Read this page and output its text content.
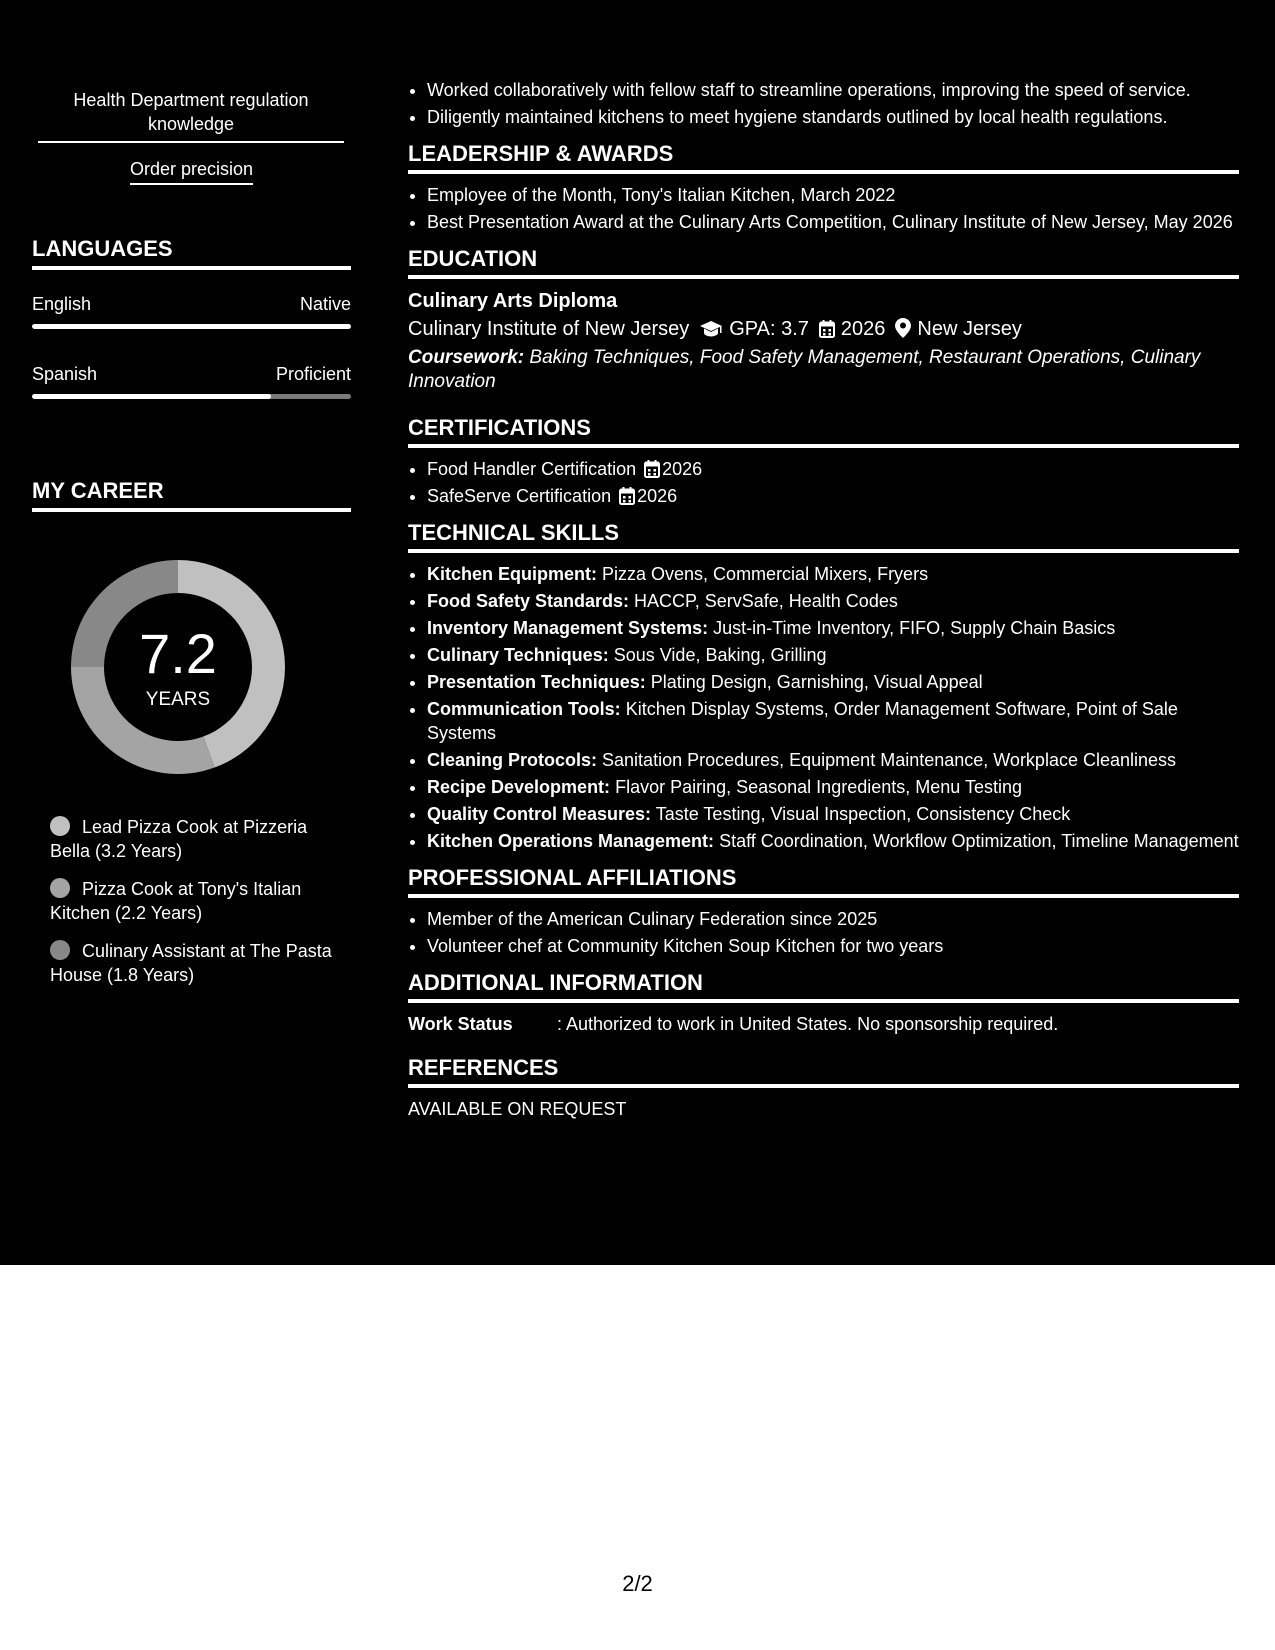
Health Department regulation knowledge
Order precision
LANGUAGES
English	Native
Spanish	Proficient
MY CAREER
7.2
YEARS
Lead Pizza Cook at Pizzeria Bella (3.2 Years)
Pizza Cook at Tony's Italian Kitchen (2.2 Years)
Culinary Assistant at The Pasta House (1.8 Years)
• Worked collaboratively with fellow staff to streamline operations, improving the speed of service.
• Diligently maintained kitchens to meet hygiene standards outlined by local health regulations.
LEADERSHIP & AWARDS
• Employee of the Month, Tony's Italian Kitchen, March 2022
• Best Presentation Award at the Culinary Arts Competition, Culinary Institute of New Jersey, May 2026
EDUCATION
Culinary Arts Diploma
Culinary Institute of New Jersey GPA: 3.7 2026 New Jersey
Coursework: Baking Techniques, Food Safety Management, Restaurant Operations, Culinary Innovation
CERTIFICATIONS
• Food Handler Certification 2026
• SafeServe Certification 2026
TECHNICAL SKILLS
• Kitchen Equipment: Pizza Ovens, Commercial Mixers, Fryers
• Food Safety Standards: HACCP, ServSafe, Health Codes
• Inventory Management Systems: Just-in-Time Inventory, FIFO, Supply Chain Basics
• Culinary Techniques: Sous Vide, Baking, Grilling
• Presentation Techniques: Plating Design, Garnishing, Visual Appeal
• Communication Tools: Kitchen Display Systems, Order Management Software, Point of Sale Systems
• Cleaning Protocols: Sanitation Procedures, Equipment Maintenance, Workplace Cleanliness
• Recipe Development: Flavor Pairing, Seasonal Ingredients, Menu Testing
• Quality Control Measures: Taste Testing, Visual Inspection, Consistency Check
• Kitchen Operations Management: Staff Coordination, Workflow Optimization, Timeline Management
PROFESSIONAL AFFILIATIONS
• Member of the American Culinary Federation since 2025
• Volunteer chef at Community Kitchen Soup Kitchen for two years
ADDITIONAL INFORMATION
Work Status : Authorized to work in United States. No sponsorship required.
REFERENCES
AVAILABLE ON REQUEST
2/2
